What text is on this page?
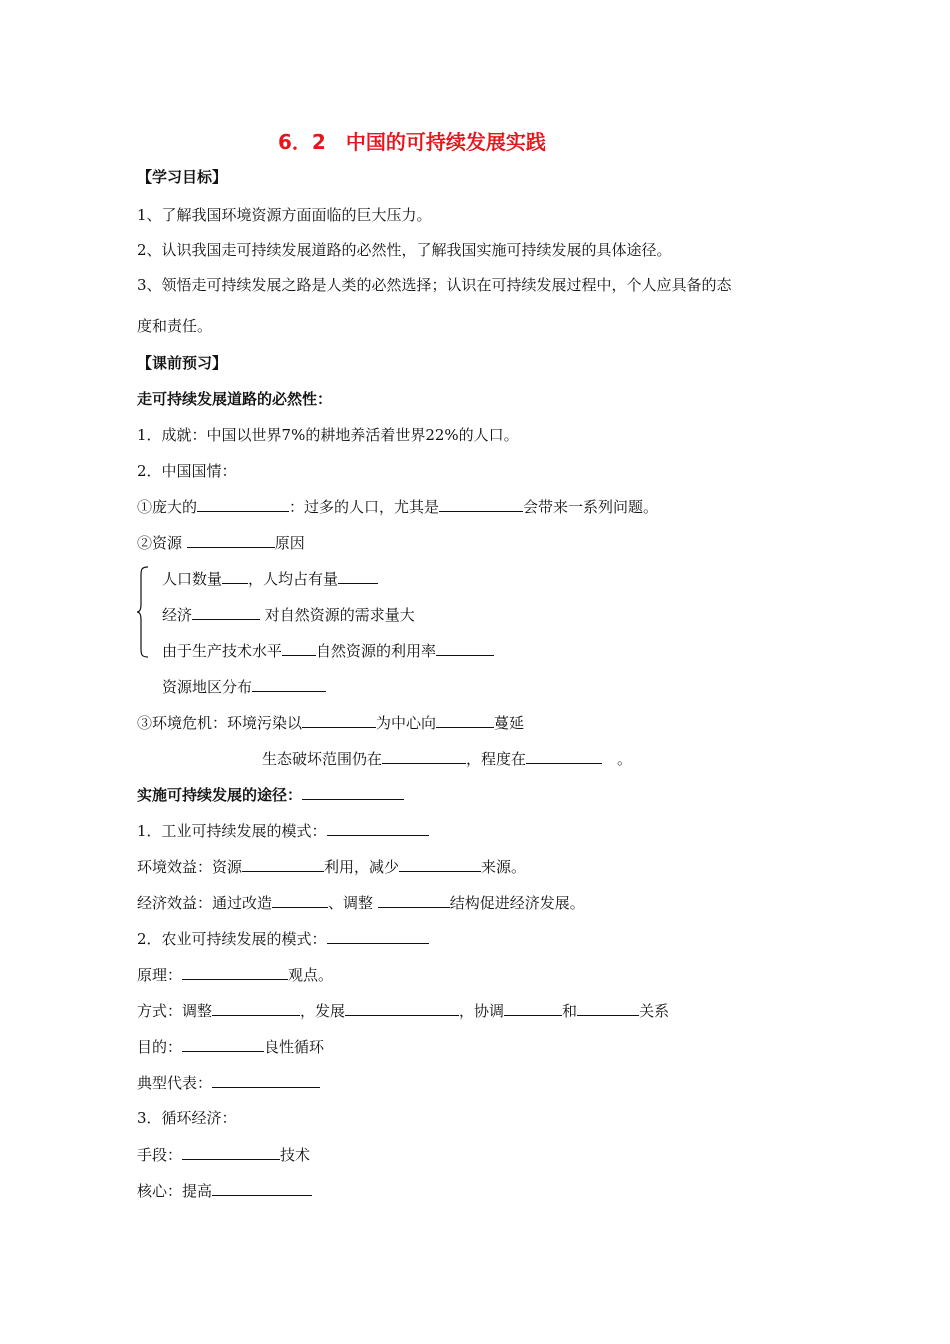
6．2　中国的可持续发展实践
【学习目标】
1、了解我国环境资源方面面临的巨大压力。
2、认识我国走可持续发展道路的必然性，了解我国实施可持续发展的具体途径。
3、领悟走可持续发展之路是人类的必然选择；认识在可持续发展过程中，个人应具备的态
度和责任。
【课前预习】
走可持续发展道路的必然性：
1．成就：中国以世界7%的耕地养活着世界22%的人口。
2．中国国情：
①庞大的	：过多的人口，尤其是	会带来一系列问题。
②资源	原因
人口数量 ，人均占有量
经济	对自然资源的需求量大
由于生产技术水平 自然资源的利用率
资源地区分布
③环境危机：环境污染以	为中心向	蔓延
生态破坏范围仍在	，程度在	　。
实施可持续发展的途径：
1．工业可持续发展的模式：
环境效益：资源	利用，减少	来源。
经济效益：通过改造	、调整	结构促进经济发展。
2．农业可持续发展的模式：
原理：	观点。
方式：调整	，发展	，协调	和	关系
目的：	良性循环
典型代表：
3．循环经济：
手段：	技术
核心：提高
